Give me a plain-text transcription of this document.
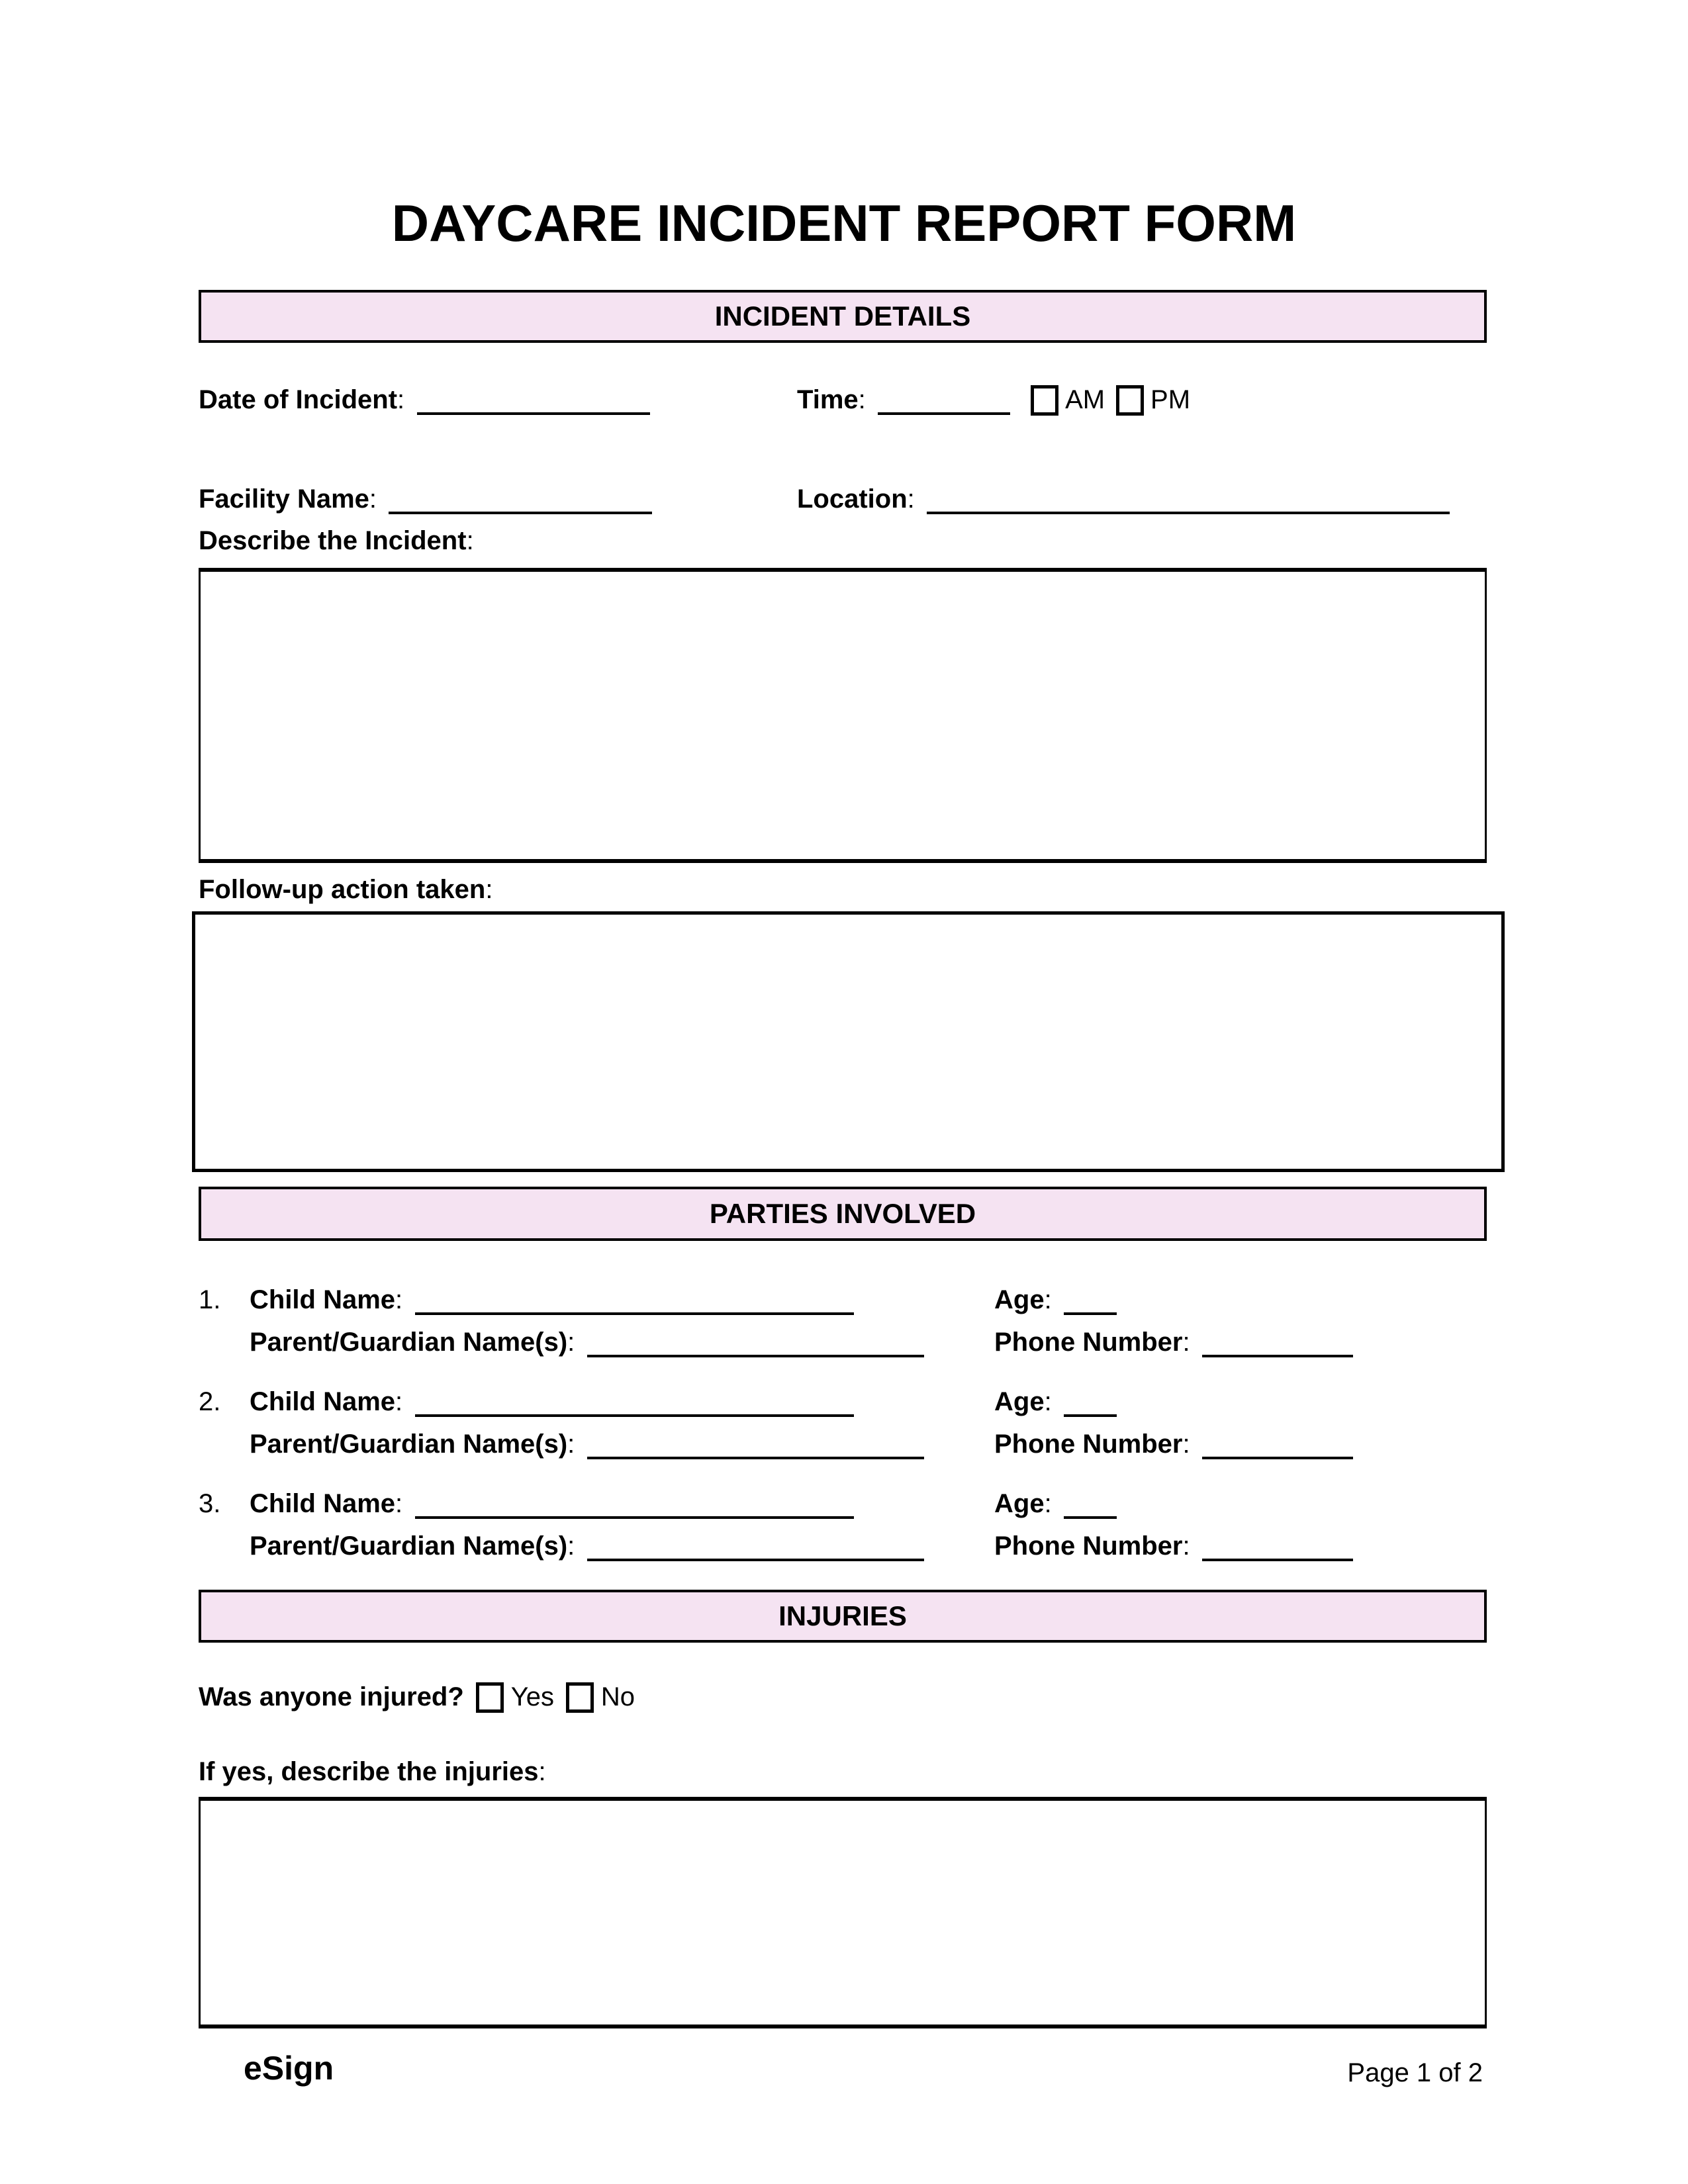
DAYCARE INCIDENT REPORT FORM
INCIDENT DETAILS
Date of Incident:	Time:	AM PM
Facility Name:	Location:
Describe the Incident:
Follow-up action taken:
PARTIES INVOLVED
1. Child Name:	Age:
Parent/Guardian Name(s):	Phone Number:
2. Child Name:	Age:
Parent/Guardian Name(s):	Phone Number:
3. Child Name:	Age:
Parent/Guardian Name(s):	Phone Number:
INJURIES
Was anyone injured? Yes No
If yes, describe the injuries:
eSign	Page 1 of 2
